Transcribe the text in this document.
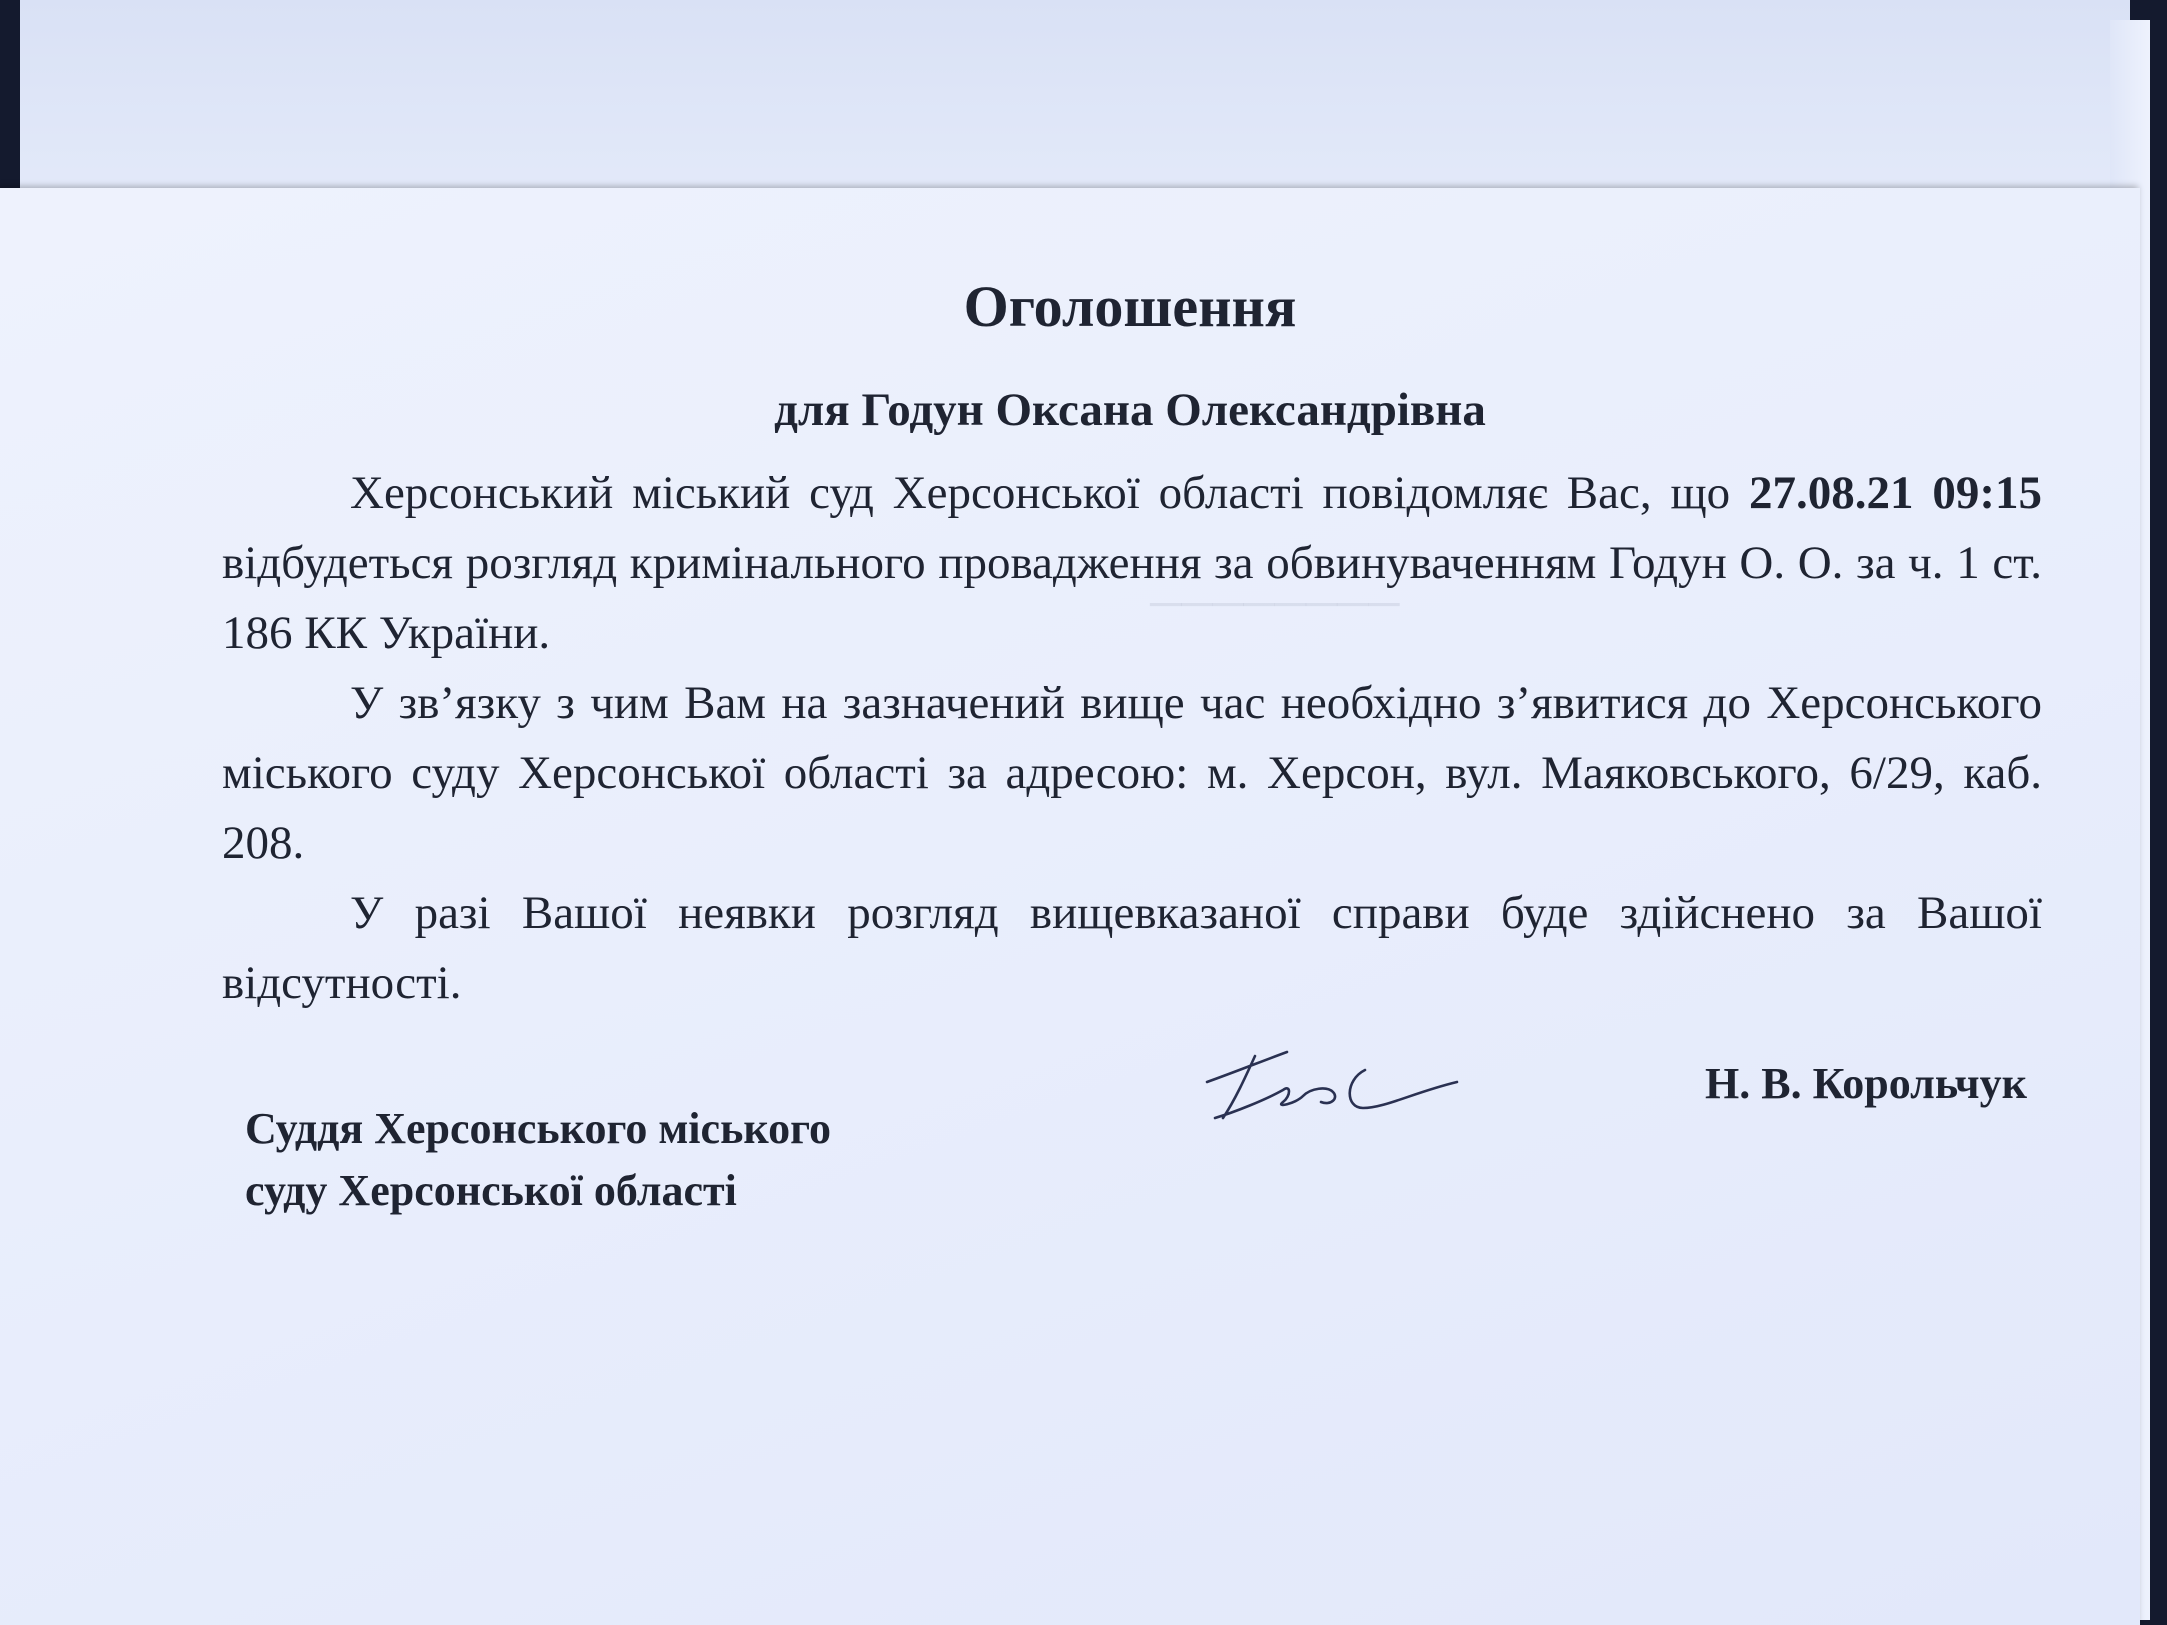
────────
Оголошення
для Годун Оксана Олександрівна

Херсонський міський суд Херсонської області повідомляє Вас, що 27.08.21 09:15 відбудеться розгляд кримінального провадження за обвинуваченням Годун О. О. за ч. 1 ст. 186 КК України.

У зв’язку з чим Вам на зазначений вище час необхідно з’явитися до Херсонського міського суду Херсонської області за адресою: м. Херсон, вул. Маяковського, 6/29, каб. 208.

У разі Вашої неявки розгляд вищевказаної справи буде здійснено за Вашої відсутності.

Н. В. Корольчук
Суддя Херсонського міського
суду Херсонської області
